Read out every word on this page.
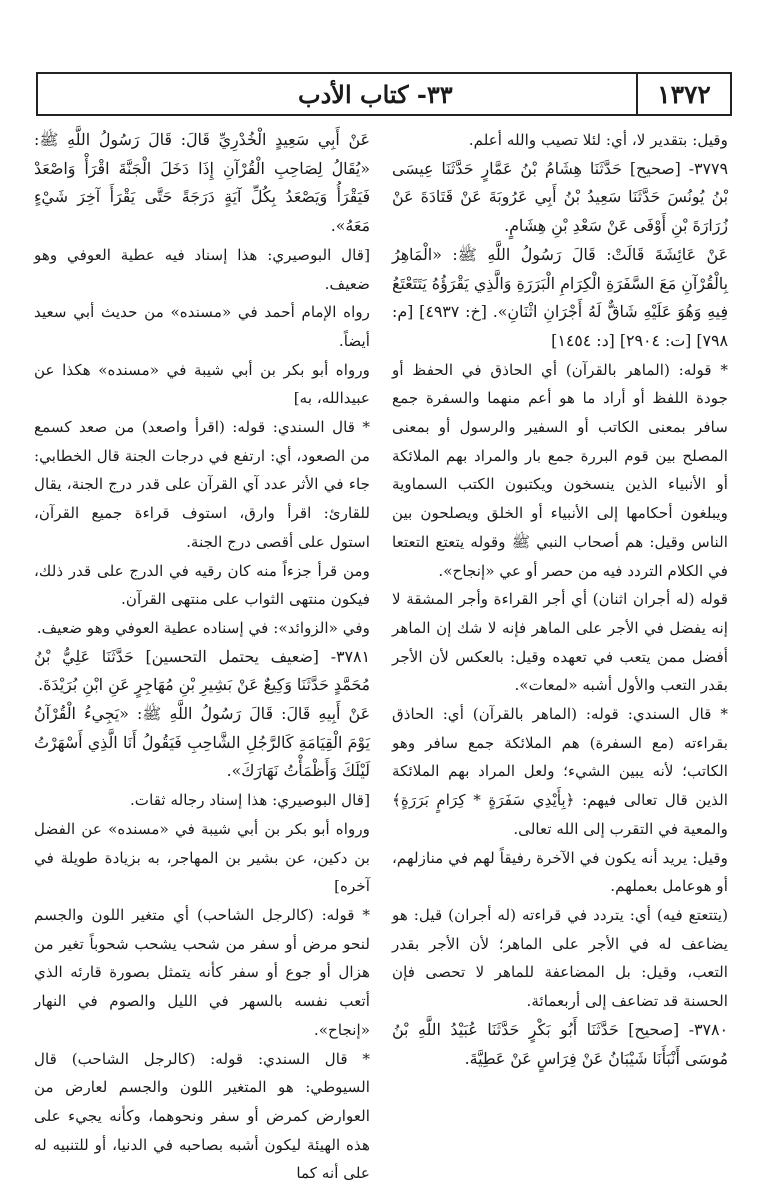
١٣٧٢
٣٣- كتاب الأدب

وقيل: بتقدير لا، أي: لئلا تصيب والله أعلم.

٣٧٧٩- [صحيح] حَدَّثَنَا هِشَامُ بْنُ عَمَّارٍ حَدَّثَنَا عِيسَى بْنُ يُونُسَ حَدَّثَنَا سَعِيدُ بْنُ أَبِي عَرُوبَةَ عَنْ قَتَادَةَ عَنْ زُرَارَةَ بْنِ أَوْفَى عَنْ سَعْدِ بْنِ هِشَامٍ.

عَنْ عَائِشَةَ قَالَتْ: قَالَ رَسُولُ اللَّهِ ﷺ: «الْمَاهِرُ بِالْقُرْآنِ مَعَ السَّفَرَةِ الْكِرَامِ الْبَرَرَةِ وَالَّذِي يَقْرَؤُهُ يَتَتَعْتَعُ فِيهِ وَهُوَ عَلَيْهِ شَاقٌّ لَهُ أَجْرَانِ اثْنَانِ». [خ: ٤٩٣٧] [م: ٧٩٨] [ت: ٢٩٠٤] [د: ١٤٥٤]

* قوله: (الماهر بالقرآن) أي الحاذق في الحفظ أو جودة اللفظ أو أراد ما هو أعم منهما والسفرة جمع سافر بمعنى الكاتب أو السفير والرسول أو بمعنى المصلح بين قوم البررة جمع بار والمراد بهم الملائكة أو الأنبياء الذين ينسخون ويكتبون الكتب السماوية ويبلغون أحكامها إلى الأنبياء أو الخلق ويصلحون بين الناس وقيل: هم أصحاب النبي ﷺ وقوله يتعتع التعتعا في الكلام التردد فيه من حصر أو عي «إنجاح».

قوله (له أجران اثنان) أي أجر القراءة وأجر المشقة لا إنه يفضل في الأجر على الماهر فإنه لا شك إن الماهر أفضل ممن يتعب في تعهده وقيل: بالعكس لأن الأجر بقدر التعب والأول أشبه «لمعات».

* قال السندي: قوله: (الماهر بالقرآن) أي: الحاذق بقراءته (مع السفرة) هم الملائكة جمع سافر وهو الكاتب؛ لأنه يبين الشيء؛ ولعل المراد بهم الملائكة الذين قال تعالى فيهم: ﴿بِأَيْدِي سَفَرَةٍ * كِرَامٍ بَرَرَةٍ﴾ والمعية في التقرب إلى الله تعالى.

وقيل: يريد أنه يكون في الآخرة رفيقاً لهم في منازلهم، أو هوعامل بعملهم.

(يتتعتع فيه) أي: يتردد في قراءته (له أجران) قيل: هو يضاعف له في الأجر على الماهر؛ لأن الأجر بقدر التعب، وقيل: بل المضاعفة للماهر لا تحصى فإن الحسنة قد تضاعف إلى أربعمائة.

٣٧٨٠- [صحيح] حَدَّثَنَا أَبُو بَكْرٍ حَدَّثَنَا عُبَيْدُ اللَّهِ بْنُ مُوسَى أَنْبَأَنَا شَيْبَانُ عَنْ فِرَاسٍ عَنْ عَطِيَّةَ.

عَنْ أَبِي سَعِيدٍ الْخُدْرِيِّ قَالَ: قَالَ رَسُولُ اللَّهِ ﷺ: «يُقَالُ لِصَاحِبِ الْقُرْآنِ إِذَا دَخَلَ الْجَنَّةَ اقْرَأْ وَاصْعَدْ فَيَقْرَأُ وَيَصْعَدُ بِكُلِّ آيَةٍ دَرَجَةً حَتَّى يَقْرَأَ آخِرَ شَيْءٍ مَعَهُ».

[قال البوصيري: هذا إسناد فيه عطية العوفي وهو ضعيف.

رواه الإمام أحمد في «مسنده» من حديث أبي سعيد أيضاً.

ورواه أبو بكر بن أبي شيبة في «مسنده» هكذا عن عبيدالله، به]

* قال السندي: قوله: (اقرأ واصعد) من صعد كسمع من الصعود، أي: ارتفع في درجات الجنة قال الخطابي: جاء في الأثر عدد آي القرآن على قدر درج الجنة، يقال للقارئ: اقرأ وارق، استوف قراءة جميع القرآن، استول على أقصى درج الجنة.

ومن قرأ جزءاً منه كان رقيه في الدرج على قدر ذلك، فيكون منتهى الثواب على منتهى القرآن.

وفي «الزوائد»: في إسناده عطية العوفي وهو ضعيف.

٣٧٨١- [ضعيف يحتمل التحسين] حَدَّثَنَا عَلِيُّ بْنُ مُحَمَّدٍ حَدَّثَنَا وَكِيعٌ عَنْ بَشِيرِ بْنِ مُهَاجِرٍ عَنِ ابْنِ بُرَيْدَةَ.

عَنْ أَبِيهِ قَالَ: قَالَ رَسُولُ اللَّهِ ﷺ: «يَجِيءُ الْقُرْآنُ يَوْمَ الْقِيَامَةِ كَالرَّجُلِ الشَّاحِبِ فَيَقُولُ أَنَا الَّذِي أَسْهَرْتُ لَيْلَكَ وَأَظْمَأْتُ نَهَارَكَ».

[قال البوصيري: هذا إسناد رجاله ثقات.

ورواه أبو بكر بن أبي شيبة في «مسنده» عن الفضل بن دكين، عن بشير بن المهاجر، به بزيادة طويلة في آخره]

* قوله: (كالرجل الشاحب) أي متغير اللون والجسم لنحو مرض أو سفر من شحب يشحب شحوباً تغير من هزال أو جوع أو سفر كأنه يتمثل بصورة قارئه الذي أتعب نفسه بالسهر في الليل والصوم في النهار «إنجاح».

* قال السندي: قوله: (كالرجل الشاحب) قال السيوطي: هو المتغير اللون والجسم لعارض من العوارض كمرض أو سفر ونحوهما، وكأنه يجيء على هذه الهيئة ليكون أشبه بصاحبه في الدنيا، أو للتنبيه له على أنه كما
